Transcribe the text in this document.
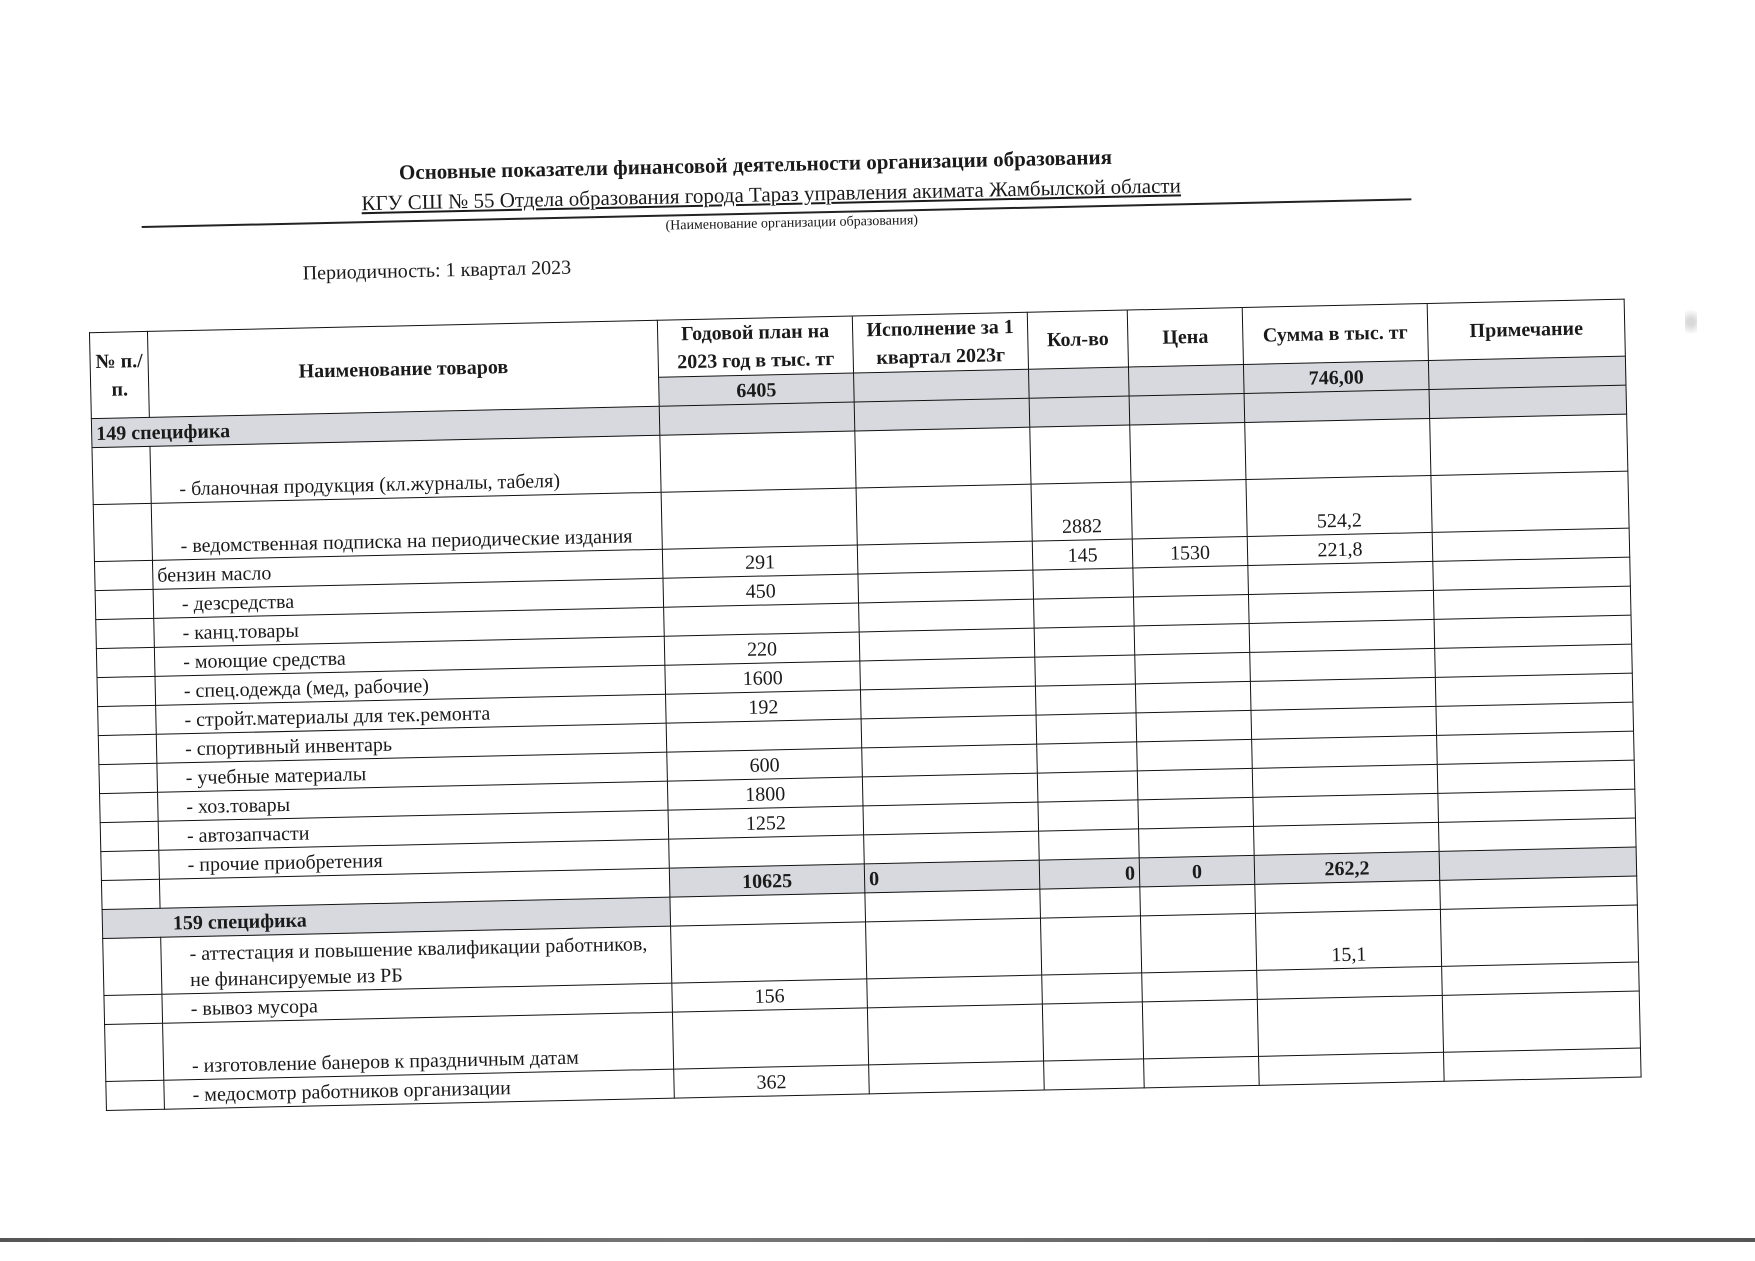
Основные показатели финансовой деятельности организации образования
КГУ СШ № 55 Отдела образования города Тараз управления акимата Жамбылской области
(Наименование организации образования)
Периодичность: 1 квартал 2023
№ п./п.	Наименование товаров	Годовой план на 2023 год в тыс. тг	Исполнение за 1 квартал 2023г	Кол-во	Цена	Сумма в тыс. тг	Примечание
		6405				746,00	
149 специфика							
	- бланочная продукция (кл.журналы, табеля)						
	- ведомственная подписка на периодические издания			2882		524,2	
	бензин масло	291		145	1530	221,8	
	- дезсредства	450					
	- канц.товары						
	- моющие средства	220					
	- спец.одежда (мед, рабочие)	1600					
	- стройт.материалы для тек.ремонта	192					
	- спортивный инвентарь						
	- учебные материалы	600					
	- хоз.товары	1800					
	- автозапчасти	1252					
	- прочие приобретения						
		10625	0	0	0	262,2	
159 специфика							
	- аттестация и повышение квалификации работников, не финансируемые из РБ					15,1	
	- вывоз мусора	156					
	- изготовление банеров к праздничным датам						
	- медосмотр работников организации	362					
